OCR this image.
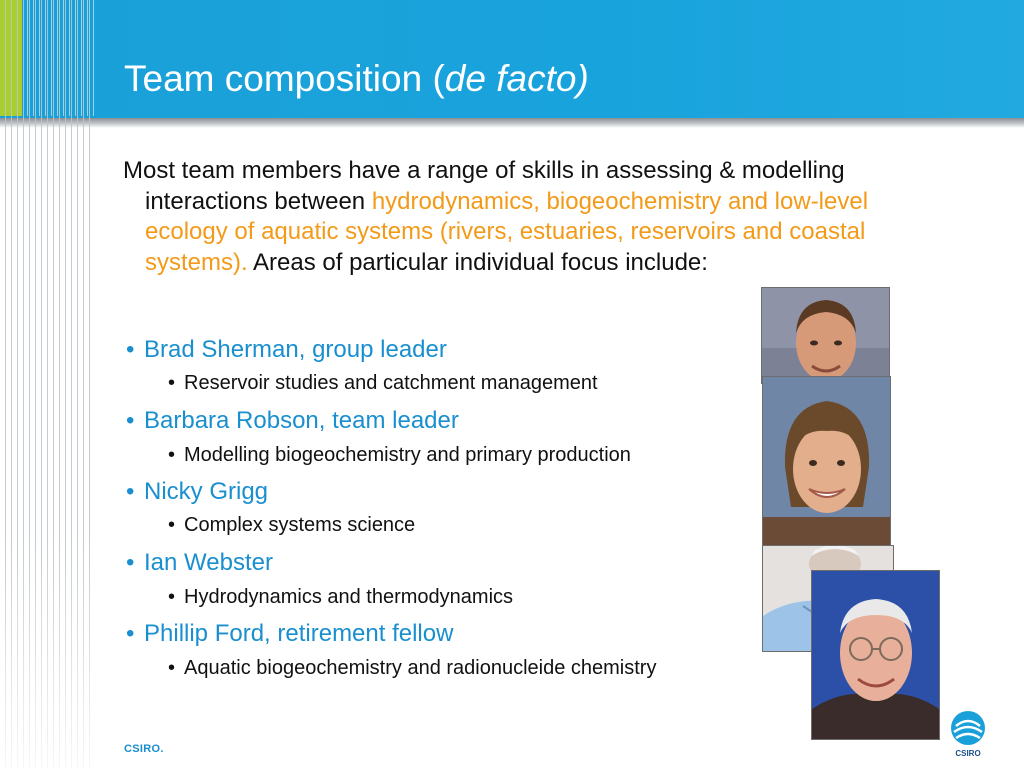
Team composition (de facto)
Most team members have a range of skills in assessing & modelling interactions between hydrodynamics, biogeochemistry and low-level ecology of aquatic systems (rivers, estuaries, reservoirs and coastal systems). Areas of particular individual focus include:
• Brad Sherman, group leader
• Reservoir studies and catchment management
• Barbara Robson, team leader
• Modelling biogeochemistry and primary production
• Nicky Grigg
• Complex systems science
• Ian Webster
• Hydrodynamics and thermodynamics
• Phillip Ford, retirement fellow
• Aquatic biogeochemistry and radionucleide chemistry
CSIRO.	CSIRO
